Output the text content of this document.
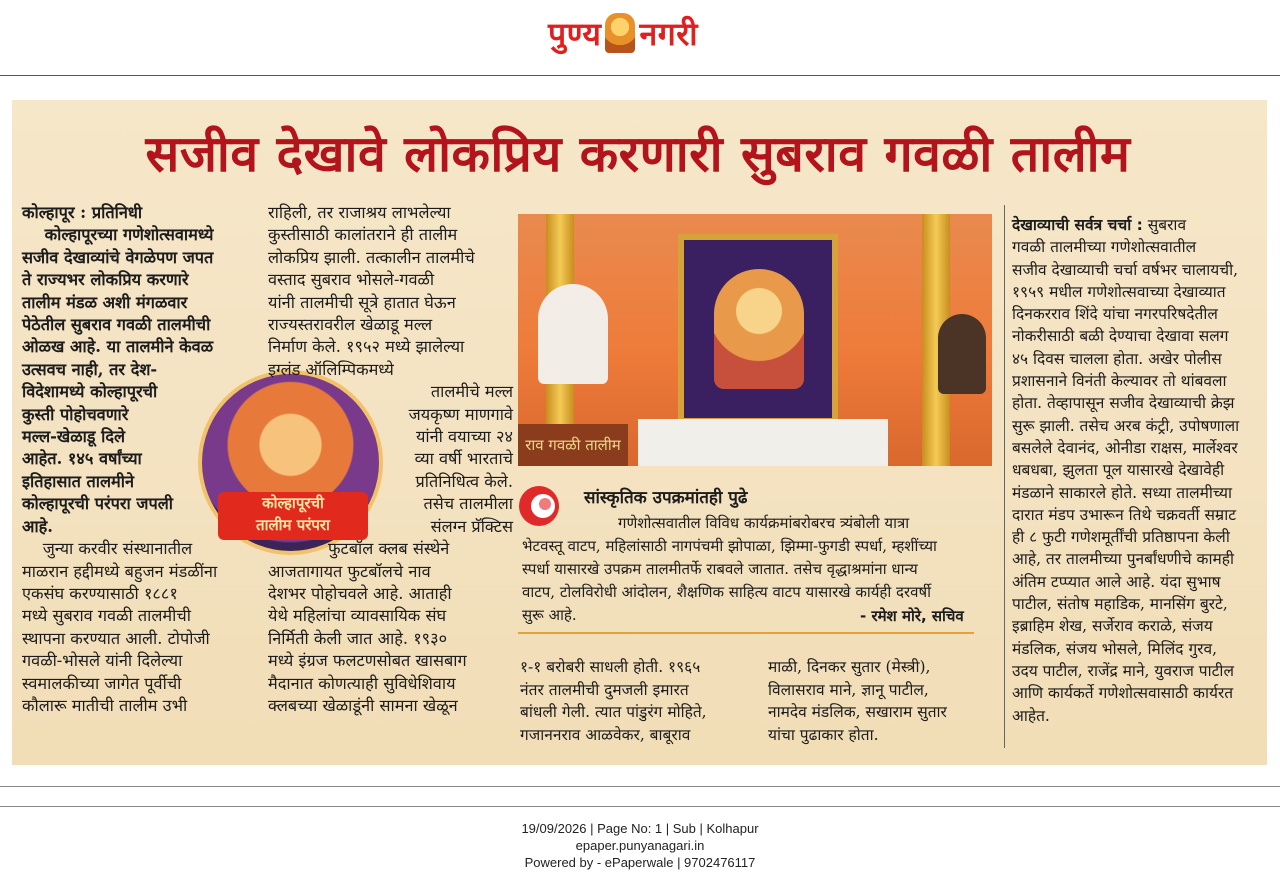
पुण्य नगरी
सजीव देखावे लोकप्रिय करणारी सुबराव गवळी तालीम

कोल्हापूर : प्रतिनिधी

कोल्हापूरच्या गणेशोत्सवामध्ये

सजीव देखाव्यांचे वेगळेपण जपत

ते राज्यभर लोकप्रिय करणारे

तालीम मंडळ अशी मंगळवार

पेठेतील सुबराव गवळी तालमीची

ओळख आहे. या तालमीने केवळ

उत्सवच नाही, तर देश-

विदेशामध्ये कोल्हापूरची

कुस्ती पोहोचवणारे

मल्ल-खेळाडू दिले

आहेत. १४५ वर्षांच्या

इतिहासात तालमीने

कोल्हापूरची परंपरा जपली

आहे.

जुन्या करवीर संस्थानातील

माळरान हद्दीमध्ये बहुजन मंडळींना

एकसंघ करण्यासाठी १८८१

मध्ये सुबराव गवळी तालमीची

स्थापना करण्यात आली. टोपोजी

गवळी-भोसले यांनी दिलेल्या

स्वमालकीच्या जागेत पूर्वीची

कौलारू मातीची तालीम उभी

कोल्हापूरची
तालीम परंपरा

राहिली, तर राजाश्रय लाभलेल्या

कुस्तीसाठी कालांतराने ही तालीम

लोकप्रिय झाली. तत्कालीन तालमीचे

वस्ताद सुबराव भोसले-गवळी

यांनी तालमीची सूत्रे हातात घेऊन

राज्यस्तरावरील खेळाडू मल्ल

निर्माण केले. १९५२ मध्ये झालेल्या

इग्लंड ऑलिम्पिकमध्ये

तालमीचे मल्ल

जयकृष्ण माणगावे

यांनी वयाच्या २४

व्या वर्षी भारताचे

प्रतिनिधित्व केले.

तसेच तालमीला

संलग्न प्रॅक्टिस

फुटबॉल क्लब संस्थेने

आजतागायत फुटबॉलचे नाव

देशभर पोहोचवले आहे. आताही

येथे महिलांचा व्यावसायिक संघ

निर्मिती केली जात आहे. १९३०

मध्ये इंग्रज फलटणसोबत खासबाग

मैदानात कोणत्याही सुविधेशिवाय

क्लबच्या खेळाडूंनी सामना खेळून

राव गवळी तालीम
सांस्कृतिक उपक्रमांतही पुढे
गणेशोत्सवातील विविध कार्यक्रमांबरोबरच त्र्यंबोली यात्रा
भेटवस्तू वाटप, महिलांसाठी नागपंचमी झोपाळा, झिम्मा-फुगडी स्पर्धा, म्हशींच्या
स्पर्धा यासारखे उपक्रम तालमीतर्फे राबवले जातात. तसेच वृद्धाश्रमांना धान्य
वाटप, टोलविरोधी आंदोलन, शैक्षणिक साहित्य वाटप यासारखे कार्यही दरवर्षी
सुरू आहे.	- रमेश मोरे, सचिव

१-१ बरोबरी साधली होती. १९६५

नंतर तालमीची दुमजली इमारत

बांधली गेली. त्यात पांडुरंग मोहिते,

गजाननराव आळवेकर, बाबूराव

माळी, दिनकर सुतार (मेस्त्री),

विलासराव माने, ज्ञानू पाटील,

नामदेव मंडलिक, सखाराम सुतार

यांचा पुढाकार होता.

देखाव्याची सर्वत्र चर्चा : सुबराव

गवळी तालमीच्या गणेशोत्सवातील

सजीव देखाव्याची चर्चा वर्षभर चालायची,

१९५९ मधील गणेशोत्सवाच्या देखाव्यात

दिनकरराव शिंदे यांचा नगरपरिषदेतील

नोकरीसाठी बळी देण्याचा देखावा सलग

४५ दिवस चालला होता. अखेर पोलीस

प्रशासनाने विनंती केल्यावर तो थांबवला

होता. तेव्हापासून सजीव देखाव्याची क्रेझ

सुरू झाली. तसेच अरब कंट्री, उपोषणाला

बसलेले देवानंद, ओनीडा राक्षस, मार्लेश्वर

धबधबा, झुलता पूल यासारखे देखावेही

मंडळाने साकारले होते. सध्या तालमीच्या

दारात मंडप उभारून तिथे चक्रवर्ती सम्राट

ही ८ फुटी गणेशमूर्तींची प्रतिष्ठापना केली

आहे, तर तालमीच्या पुनर्बांधणीचे कामही

अंतिम टप्प्यात आले आहे. यंदा सुभाष

पाटील, संतोष महाडिक, मानसिंग बुरटे,

इब्राहिम शेख, सर्जेराव कराळे, संजय

मंडलिक, संजय भोसले, मिलिंद गुरव,

उदय पाटील, राजेंद्र माने, युवराज पाटील

आणि कार्यकर्ते गणेशोत्सवासाठी कार्यरत

आहेत.

19/09/2026 | Page No: 1 | Sub | Kolhapur
epaper.punyanagari.in
Powered by - ePaperwale | 9702476117
